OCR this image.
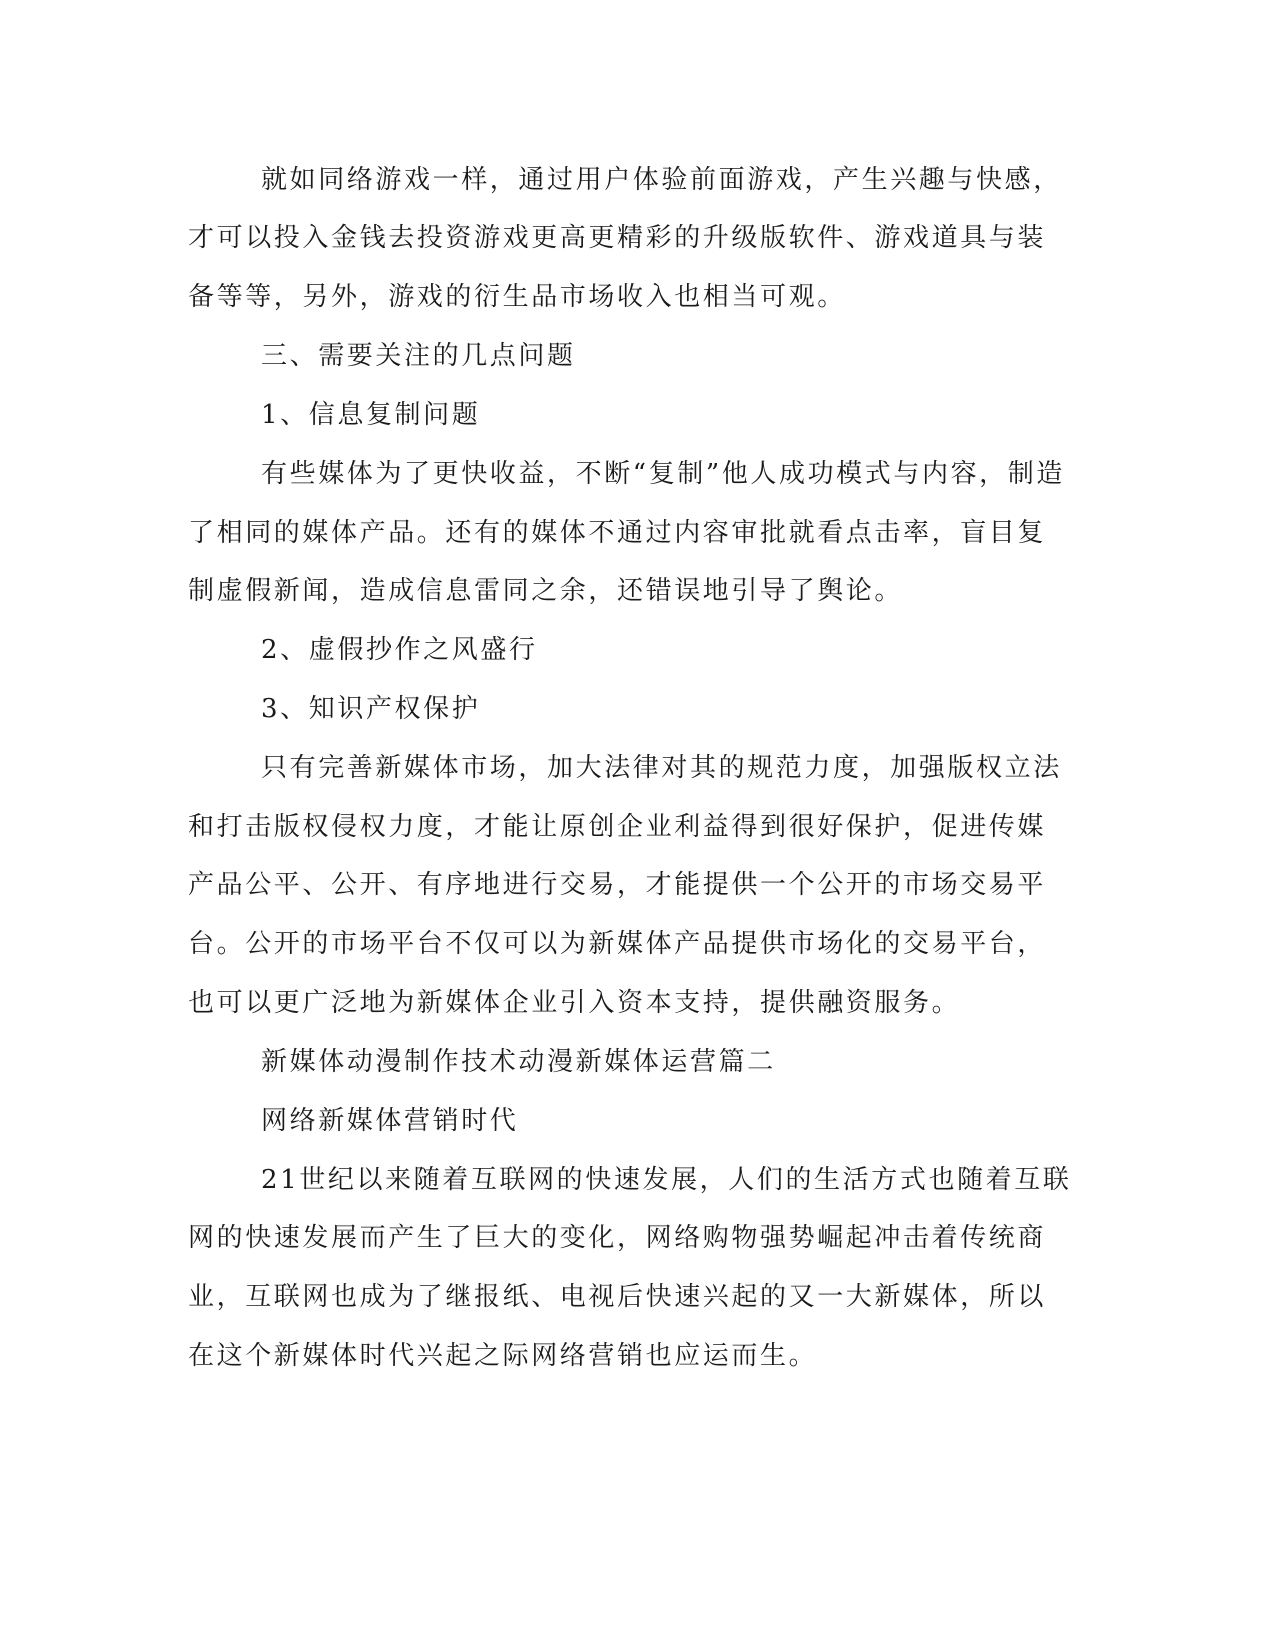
就如同络游戏一样，通过用户体验前面游戏，产生兴趣与快感，
才可以投入金钱去投资游戏更高更精彩的升级版软件、游戏道具与装
备等等，另外，游戏的衍生品市场收入也相当可观。
三、需要关注的几点问题
1、信息复制问题
有些媒体为了更快收益，不断“复制”他人成功模式与内容，制造
了相同的媒体产品。还有的媒体不通过内容审批就看点击率，盲目复
制虚假新闻，造成信息雷同之余，还错误地引导了舆论。
2、虚假抄作之风盛行
3、知识产权保护
只有完善新媒体市场，加大法律对其的规范力度，加强版权立法
和打击版权侵权力度，才能让原创企业利益得到很好保护，促进传媒
产品公平、公开、有序地进行交易，才能提供一个公开的市场交易平
台。公开的市场平台不仅可以为新媒体产品提供市场化的交易平台，
也可以更广泛地为新媒体企业引入资本支持，提供融资服务。
新媒体动漫制作技术动漫新媒体运营篇二
网络新媒体营销时代
21世纪以来随着互联网的快速发展，人们的生活方式也随着互联
网的快速发展而产生了巨大的变化，网络购物强势崛起冲击着传统商
业，互联网也成为了继报纸、电视后快速兴起的又一大新媒体，所以
在这个新媒体时代兴起之际网络营销也应运而生。
